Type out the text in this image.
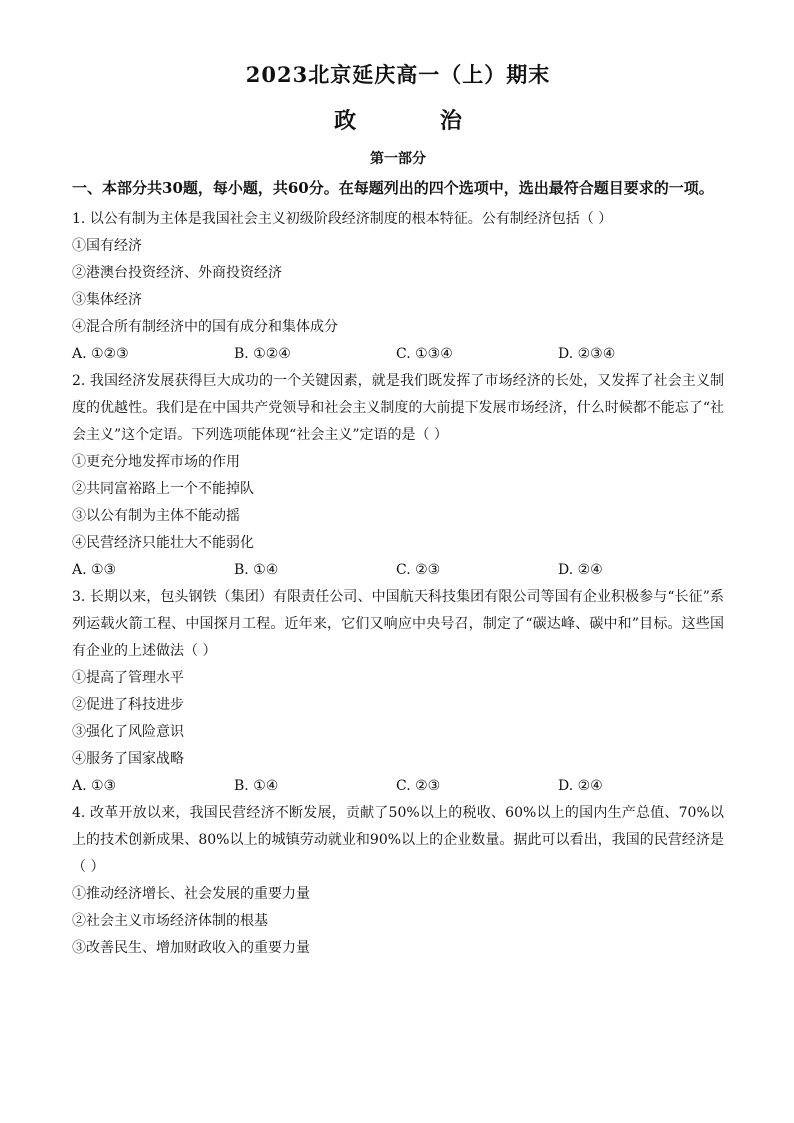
2023北京延庆高一（上）期末
政 治
第一部分
一、本部分共30题，每小题，共60分。在每题列出的四个选项中，选出最符合题目要求的一项。

1. 以公有制为主体是我国社会主义初级阶段经济制度的根本特征。公有制经济包括（ ）

①国有经济

②港澳台投资经济、外商投资经济

③集体经济

④混合所有制经济中的国有成分和集体成分

A. ①②③	B. ①②④	C. ①③④	D. ②③④

2. 我国经济发展获得巨大成功的一个关键因素，就是我们既发挥了市场经济的长处，又发挥了社会主义制度的优越性。我们是在中国共产党领导和社会主义制度的大前提下发展市场经济，什么时候都不能忘了“社会主义”这个定语。下列选项能体现“社会主义”定语的是（ ）

①更充分地发挥市场的作用

②共同富裕路上一个不能掉队

③以公有制为主体不能动摇

④民营经济只能壮大不能弱化

A. ①③	B. ①④	C. ②③	D. ②④

3. 长期以来，包头钢铁（集团）有限责任公司、中国航天科技集团有限公司等国有企业积极参与“长征”系列运载火箭工程、中国探月工程。近年来，它们又响应中央号召，制定了“碳达峰、碳中和”目标。这些国有企业的上述做法（ ）

①提高了管理水平

②促进了科技进步

③强化了风险意识

④服务了国家战略

A. ①③	B. ①④	C. ②③	D. ②④

4. 改革开放以来，我国民营经济不断发展，贡献了50%以上的税收、60%以上的国内生产总值、70%以上的技术创新成果、80%以上的城镇劳动就业和90%以上的企业数量。据此可以看出，我国的民营经济是（ ）

①推动经济增长、社会发展的重要力量

②社会主义市场经济体制的根基

③改善民生、增加财政收入的重要力量
